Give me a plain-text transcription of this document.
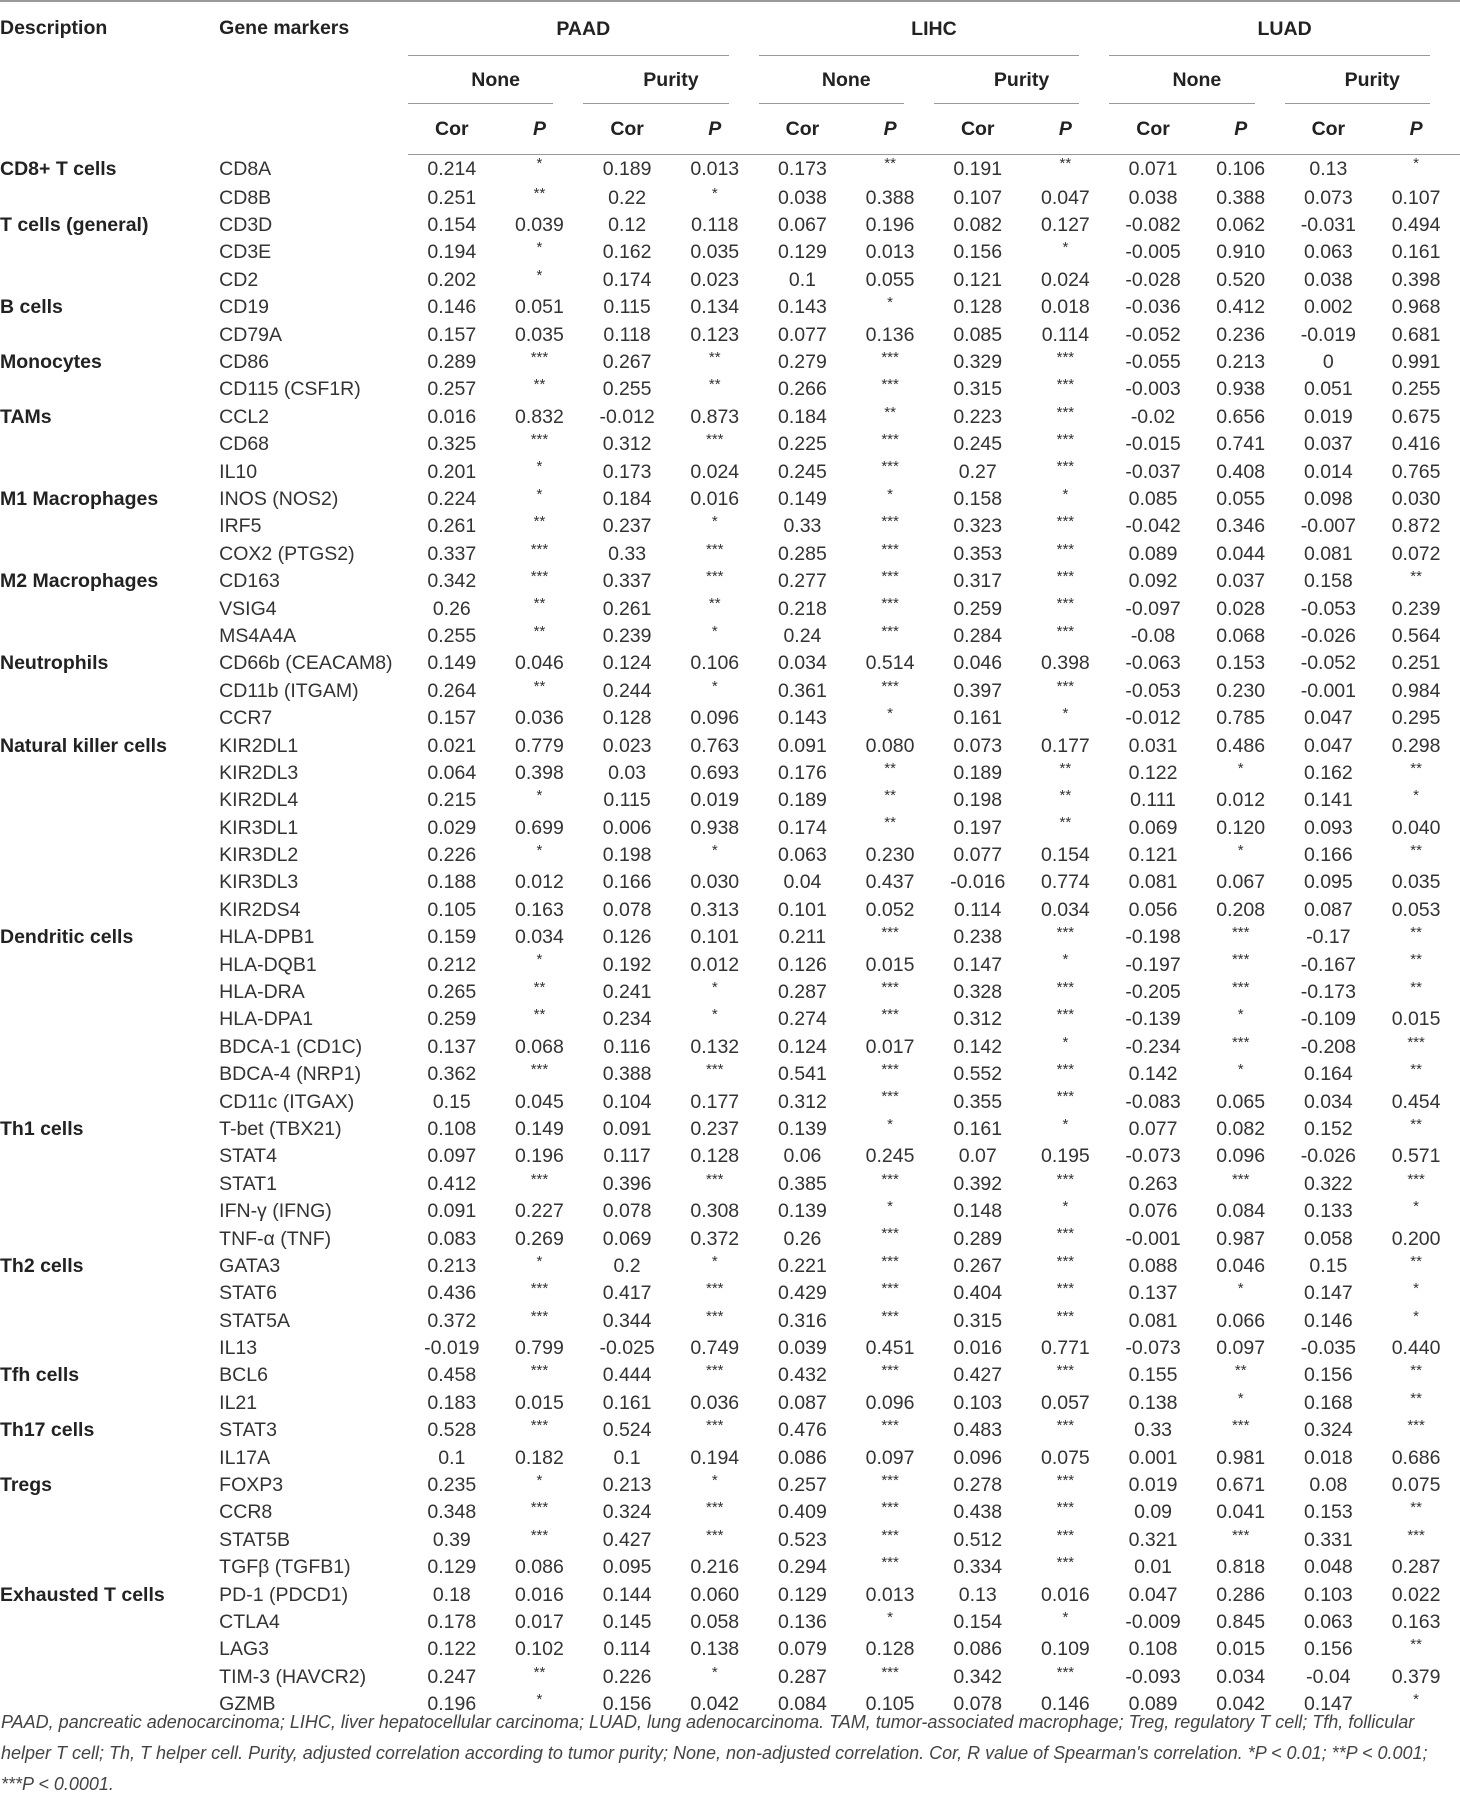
Description	Gene markers	PAAD				LIHC				LUAD			
		None		Purity		None		Purity		None		Purity	
		Cor	P	Cor	P	Cor	P	Cor	P	Cor	P	Cor	P
CD8+ T cells	CD8A	0.214	*	0.189	0.013	0.173	**	0.191	**	0.071	0.106	0.13	*
	CD8B	0.251	**	0.22	*	0.038	0.388	0.107	0.047	0.038	0.388	0.073	0.107
T cells (general)	CD3D	0.154	0.039	0.12	0.118	0.067	0.196	0.082	0.127	-0.082	0.062	-0.031	0.494
	CD3E	0.194	*	0.162	0.035	0.129	0.013	0.156	*	-0.005	0.910	0.063	0.161
	CD2	0.202	*	0.174	0.023	0.1	0.055	0.121	0.024	-0.028	0.520	0.038	0.398
B cells	CD19	0.146	0.051	0.115	0.134	0.143	*	0.128	0.018	-0.036	0.412	0.002	0.968
	CD79A	0.157	0.035	0.118	0.123	0.077	0.136	0.085	0.114	-0.052	0.236	-0.019	0.681
Monocytes	CD86	0.289	***	0.267	**	0.279	***	0.329	***	-0.055	0.213	0	0.991
	CD115 (CSF1R)	0.257	**	0.255	**	0.266	***	0.315	***	-0.003	0.938	0.051	0.255
TAMs	CCL2	0.016	0.832	-0.012	0.873	0.184	**	0.223	***	-0.02	0.656	0.019	0.675
	CD68	0.325	***	0.312	***	0.225	***	0.245	***	-0.015	0.741	0.037	0.416
	IL10	0.201	*	0.173	0.024	0.245	***	0.27	***	-0.037	0.408	0.014	0.765
M1 Macrophages	INOS (NOS2)	0.224	*	0.184	0.016	0.149	*	0.158	*	0.085	0.055	0.098	0.030
	IRF5	0.261	**	0.237	*	0.33	***	0.323	***	-0.042	0.346	-0.007	0.872
	COX2 (PTGS2)	0.337	***	0.33	***	0.285	***	0.353	***	0.089	0.044	0.081	0.072
M2 Macrophages	CD163	0.342	***	0.337	***	0.277	***	0.317	***	0.092	0.037	0.158	**
	VSIG4	0.26	**	0.261	**	0.218	***	0.259	***	-0.097	0.028	-0.053	0.239
	MS4A4A	0.255	**	0.239	*	0.24	***	0.284	***	-0.08	0.068	-0.026	0.564
Neutrophils	CD66b (CEACAM8)	0.149	0.046	0.124	0.106	0.034	0.514	0.046	0.398	-0.063	0.153	-0.052	0.251
	CD11b (ITGAM)	0.264	**	0.244	*	0.361	***	0.397	***	-0.053	0.230	-0.001	0.984
	CCR7	0.157	0.036	0.128	0.096	0.143	*	0.161	*	-0.012	0.785	0.047	0.295
Natural killer cells	KIR2DL1	0.021	0.779	0.023	0.763	0.091	0.080	0.073	0.177	0.031	0.486	0.047	0.298
	KIR2DL3	0.064	0.398	0.03	0.693	0.176	**	0.189	**	0.122	*	0.162	**
	KIR2DL4	0.215	*	0.115	0.019	0.189	**	0.198	**	0.111	0.012	0.141	*
	KIR3DL1	0.029	0.699	0.006	0.938	0.174	**	0.197	**	0.069	0.120	0.093	0.040
	KIR3DL2	0.226	*	0.198	*	0.063	0.230	0.077	0.154	0.121	*	0.166	**
	KIR3DL3	0.188	0.012	0.166	0.030	0.04	0.437	-0.016	0.774	0.081	0.067	0.095	0.035
	KIR2DS4	0.105	0.163	0.078	0.313	0.101	0.052	0.114	0.034	0.056	0.208	0.087	0.053
Dendritic cells	HLA-DPB1	0.159	0.034	0.126	0.101	0.211	***	0.238	***	-0.198	***	-0.17	**
	HLA-DQB1	0.212	*	0.192	0.012	0.126	0.015	0.147	*	-0.197	***	-0.167	**
	HLA-DRA	0.265	**	0.241	*	0.287	***	0.328	***	-0.205	***	-0.173	**
	HLA-DPA1	0.259	**	0.234	*	0.274	***	0.312	***	-0.139	*	-0.109	0.015
	BDCA-1 (CD1C)	0.137	0.068	0.116	0.132	0.124	0.017	0.142	*	-0.234	***	-0.208	***
	BDCA-4 (NRP1)	0.362	***	0.388	***	0.541	***	0.552	***	0.142	*	0.164	**
	CD11c (ITGAX)	0.15	0.045	0.104	0.177	0.312	***	0.355	***	-0.083	0.065	0.034	0.454
Th1 cells	T-bet (TBX21)	0.108	0.149	0.091	0.237	0.139	*	0.161	*	0.077	0.082	0.152	**
	STAT4	0.097	0.196	0.117	0.128	0.06	0.245	0.07	0.195	-0.073	0.096	-0.026	0.571
	STAT1	0.412	***	0.396	***	0.385	***	0.392	***	0.263	***	0.322	***
	IFN-γ (IFNG)	0.091	0.227	0.078	0.308	0.139	*	0.148	*	0.076	0.084	0.133	*
	TNF-α (TNF)	0.083	0.269	0.069	0.372	0.26	***	0.289	***	-0.001	0.987	0.058	0.200
Th2 cells	GATA3	0.213	*	0.2	*	0.221	***	0.267	***	0.088	0.046	0.15	**
	STAT6	0.436	***	0.417	***	0.429	***	0.404	***	0.137	*	0.147	*
	STAT5A	0.372	***	0.344	***	0.316	***	0.315	***	0.081	0.066	0.146	*
	IL13	-0.019	0.799	-0.025	0.749	0.039	0.451	0.016	0.771	-0.073	0.097	-0.035	0.440
Tfh cells	BCL6	0.458	***	0.444	***	0.432	***	0.427	***	0.155	**	0.156	**
	IL21	0.183	0.015	0.161	0.036	0.087	0.096	0.103	0.057	0.138	*	0.168	**
Th17 cells	STAT3	0.528	***	0.524	***	0.476	***	0.483	***	0.33	***	0.324	***
	IL17A	0.1	0.182	0.1	0.194	0.086	0.097	0.096	0.075	0.001	0.981	0.018	0.686
Tregs	FOXP3	0.235	*	0.213	*	0.257	***	0.278	***	0.019	0.671	0.08	0.075
	CCR8	0.348	***	0.324	***	0.409	***	0.438	***	0.09	0.041	0.153	**
	STAT5B	0.39	***	0.427	***	0.523	***	0.512	***	0.321	***	0.331	***
	TGFβ (TGFB1)	0.129	0.086	0.095	0.216	0.294	***	0.334	***	0.01	0.818	0.048	0.287
Exhausted T cells	PD-1 (PDCD1)	0.18	0.016	0.144	0.060	0.129	0.013	0.13	0.016	0.047	0.286	0.103	0.022
	CTLA4	0.178	0.017	0.145	0.058	0.136	*	0.154	*	-0.009	0.845	0.063	0.163
	LAG3	0.122	0.102	0.114	0.138	0.079	0.128	0.086	0.109	0.108	0.015	0.156	**
	TIM-3 (HAVCR2)	0.247	**	0.226	*	0.287	***	0.342	***	-0.093	0.034	-0.04	0.379
	GZMB	0.196	*	0.156	0.042	0.084	0.105	0.078	0.146	0.089	0.042	0.147	*
PAAD, pancreatic adenocarcinoma; LIHC, liver hepatocellular carcinoma; LUAD, lung adenocarcinoma. TAM, tumor-associated macrophage; Treg, regulatory T cell; Tfh, follicular helper T cell; Th, T helper cell. Purity, adjusted correlation according to tumor purity; None, non-adjusted correlation. Cor, R value of Spearman's correlation. *P < 0.01; **P < 0.001; ***P < 0.0001.
